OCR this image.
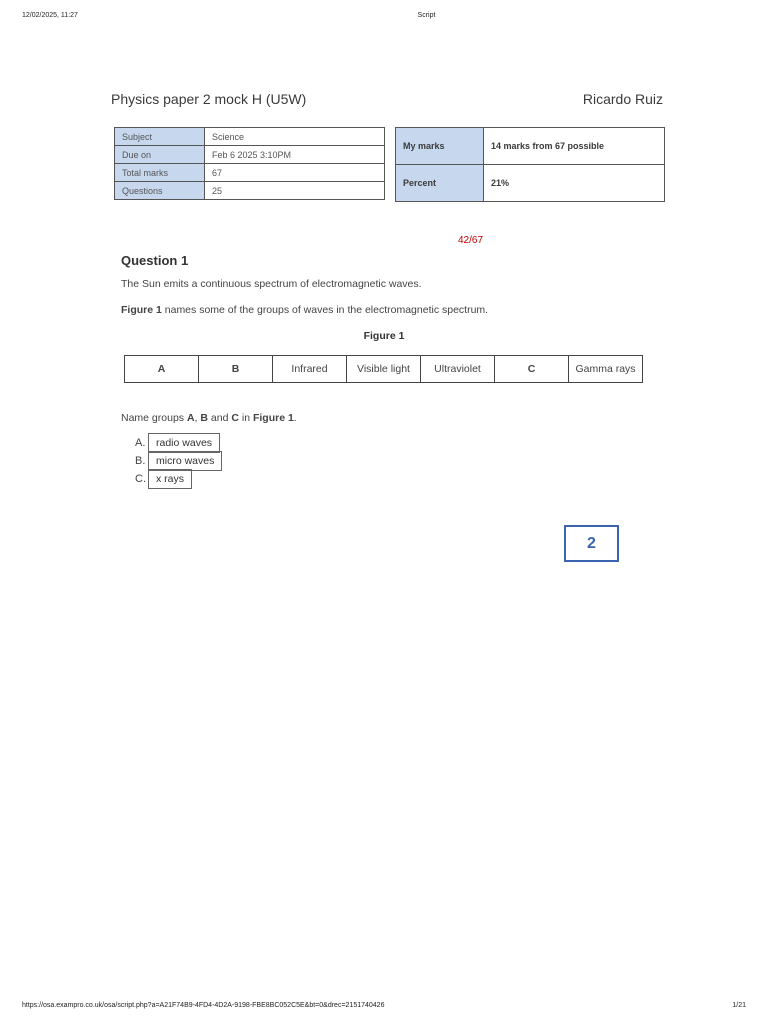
12/02/2025, 11:27	Script
Physics paper 2 mock H (U5W)	Ricardo Ruiz
Subject	Science
Due on	Feb 6 2025 3:10PM
Total marks	67
Questions	25
My marks	14 marks from 67 possible
Percent	21%
42/67
Question 1
The Sun emits a continuous spectrum of electromagnetic waves.
Figure 1 names some of the groups of waves in the electromagnetic spectrum.
Figure 1
A	B	Infrared	Visible light	Ultraviolet	C	Gamma rays
Name groups A, B and C in Figure 1.
A.
B.
C.
radio waves
micro waves
x rays
2
https://osa.exampro.co.uk/osa/script.php?a=A21F74B9-4FD4-4D2A-9198-FBE8BC052C5E&bt=0&drec=2151740426	1/21
